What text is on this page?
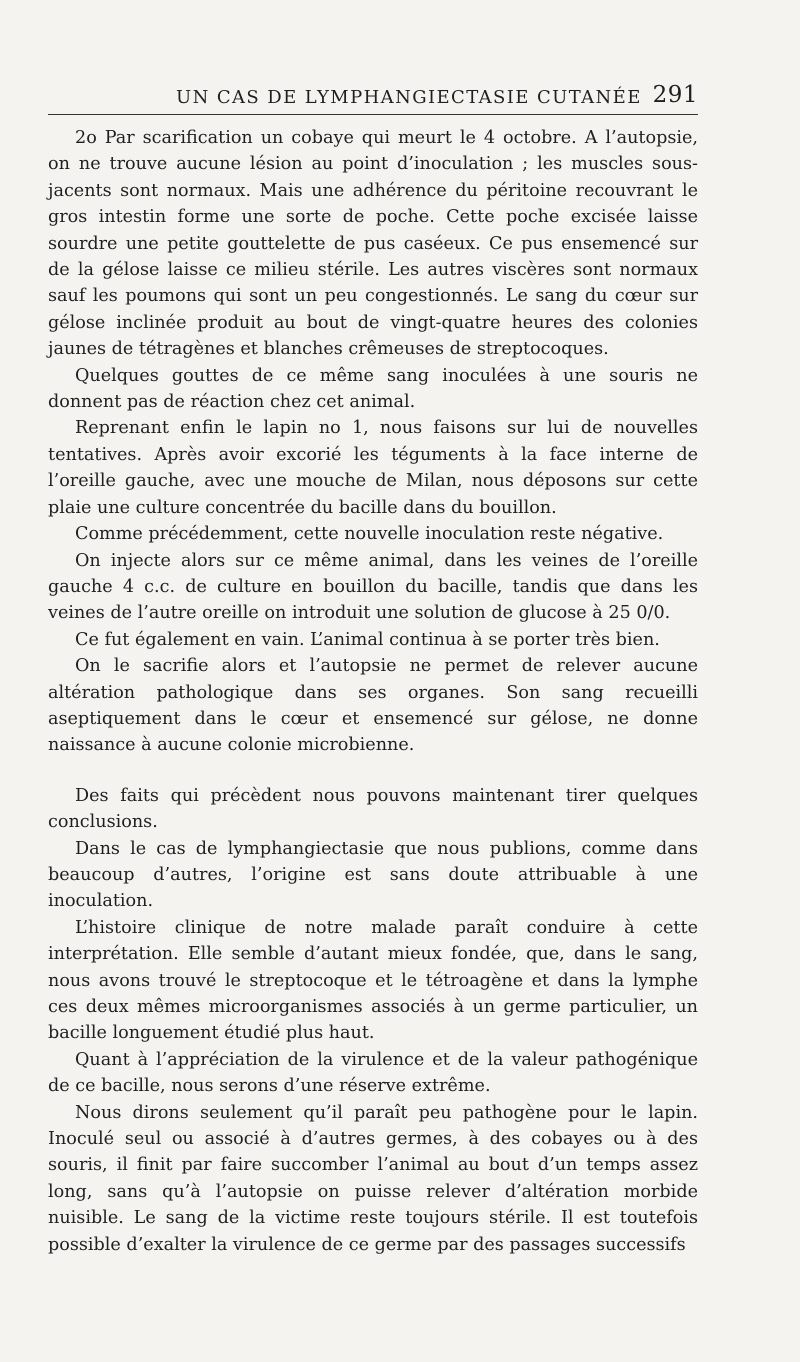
UN CAS DE LYMPHANGIECTASIE CUTANÉE 291

2o Par scarification un cobaye qui meurt le 4 octobre. A l’autopsie, on ne trouve aucune lésion au point d’inoculation ; les muscles sous-jacents sont normaux. Mais une adhérence du péritoine recouvrant le gros intestin forme une sorte de poche. Cette poche excisée laisse sourdre une petite gouttelette de pus caséeux. Ce pus ensemencé sur de la gélose laisse ce milieu stérile. Les autres viscères sont normaux sauf les poumons qui sont un peu congestionnés. Le sang du cœur sur gélose inclinée produit au bout de vingt-quatre heures des colonies jaunes de tétragènes et blanches crêmeuses de streptocoques.

Quelques gouttes de ce même sang inoculées à une souris ne donnent pas de réaction chez cet animal.

Reprenant enfin le lapin no 1, nous faisons sur lui de nouvelles tentatives. Après avoir excorié les téguments à la face interne de l’oreille gauche, avec une mouche de Milan, nous déposons sur cette plaie une culture concentrée du bacille dans du bouillon.

Comme précédemment, cette nouvelle inoculation reste négative.

On injecte alors sur ce même animal, dans les veines de l’oreille gauche 4 c.c. de culture en bouillon du bacille, tandis que dans les veines de l’autre oreille on introduit une solution de glucose à 25 0/0.

Ce fut également en vain. L’animal continua à se porter très bien.

On le sacrifie alors et l’autopsie ne permet de relever aucune altération pathologique dans ses organes. Son sang recueilli aseptiquement dans le cœur et ensemencé sur gélose, ne donne naissance à aucune colonie microbienne.

Des faits qui précèdent nous pouvons maintenant tirer quelques conclusions.

Dans le cas de lymphangiectasie que nous publions, comme dans beaucoup d’autres, l’origine est sans doute attribuable à une inoculation.

L’histoire clinique de notre malade paraît conduire à cette interprétation. Elle semble d’autant mieux fondée, que, dans le sang, nous avons trouvé le streptocoque et le tétroagène et dans la lymphe ces deux mêmes microorganismes associés à un germe particulier, un bacille longuement étudié plus haut.

Quant à l’appréciation de la virulence et de la valeur pathogénique de ce bacille, nous serons d’une réserve extrême.

Nous dirons seulement qu’il paraît peu pathogène pour le lapin. Inoculé seul ou associé à d’autres germes, à des cobayes ou à des souris, il finit par faire succomber l’animal au bout d’un temps assez long, sans qu’à l’autopsie on puisse relever d’altération morbide nuisible. Le sang de la victime reste toujours stérile. Il est toutefois possible d’exalter la virulence de ce germe par des passages successifs
